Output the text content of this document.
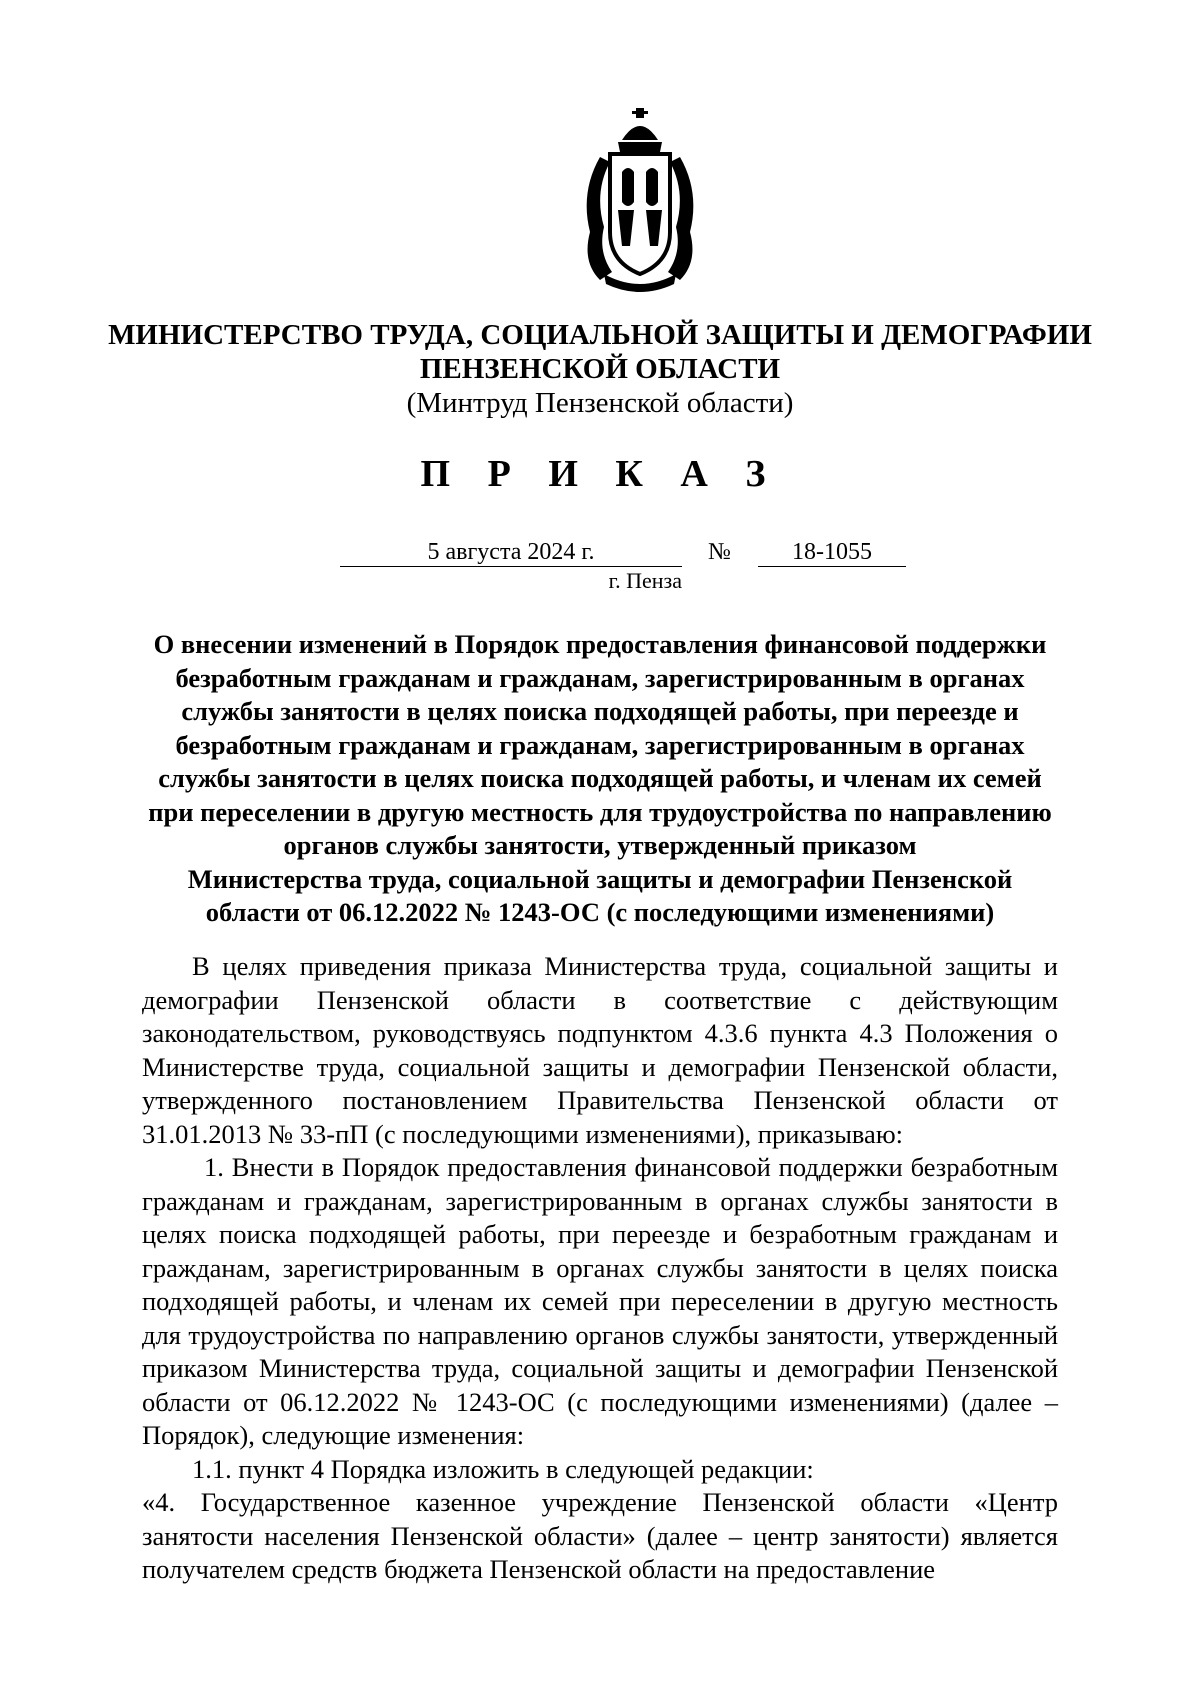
МИНИСТЕРСТВО ТРУДА, СОЦИАЛЬНОЙ ЗАЩИТЫ И ДЕМОГРАФИИ
ПЕНЗЕНСКОЙ ОБЛАСТИ
(Минтруд Пензенской области)
П Р И К А З
5 августа 2024 г.	№	18-1055
г. Пенза
О внесении изменений в Порядок предоставления финансовой поддержки
безработным гражданам и гражданам, зарегистрированным в органах
службы занятости в целях поиска подходящей работы, при переезде и
безработным гражданам и гражданам, зарегистрированным в органах
службы занятости в целях поиска подходящей работы, и членам их семей
при переселении в другую местность для трудоустройства по направлению
органов службы занятости, утвержденный приказом
Министерства труда, социальной защиты и демографии Пензенской
области от 06.12.2022 № 1243-ОС (с последующими изменениями)

В целях приведения приказа Министерства труда, социальной защиты и демографии Пензенской области в соответствие с действующим законодательством, руководствуясь подпунктом 4.3.6 пункта 4.3 Положения о Министерстве труда, социальной защиты и демографии Пензенской области, утвержденного постановлением Правительства Пензенской области от 31.01.2013 № 33-пП (с последующими изменениями), приказываю:

1. Внести в Порядок предоставления финансовой поддержки безработным гражданам и гражданам, зарегистрированным в органах службы занятости в целях поиска подходящей работы, при переезде и безработным гражданам и гражданам, зарегистрированным в органах службы занятости в целях поиска подходящей работы, и членам их семей при переселении в другую местность для трудоустройства по направлению органов службы занятости, утвержденный приказом Министерства труда, социальной защиты и демографии Пензенской области от 06.12.2022 № 1243-ОС (с последующими изменениями) (далее – Порядок), следующие изменения:

1.1. пункт 4 Порядка изложить в следующей редакции:

«4. Государственное казенное учреждение Пензенской области «Центр занятости населения Пензенской области» (далее – центр занятости) является получателем средств бюджета Пензенской области на предоставление
